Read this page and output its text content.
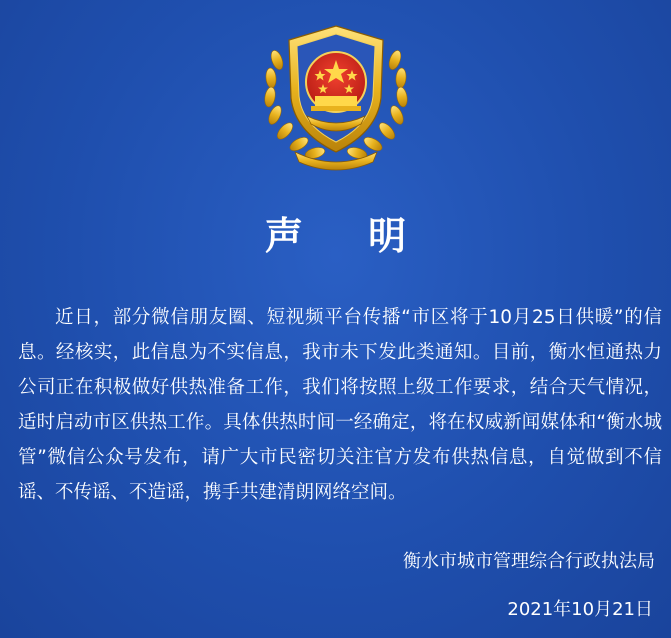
声 明
近日，部分微信朋友圈、短视频平台传播“市区将于10月25日供暖”的信息。经核实，此信息为不实信息，我市未下发此类通知。目前，衡水恒通热力公司正在积极做好供热准备工作，我们将按照上级工作要求，结合天气情况，适时启动市区供热工作。具体供热时间一经确定，将在权威新闻媒体和“衡水城管”微信公众号发布，请广大市民密切关注官方发布供热信息，自觉做到不信谣、不传谣、不造谣，携手共建清朗网络空间。
衡水市城市管理综合行政执法局
2021年10月21日
